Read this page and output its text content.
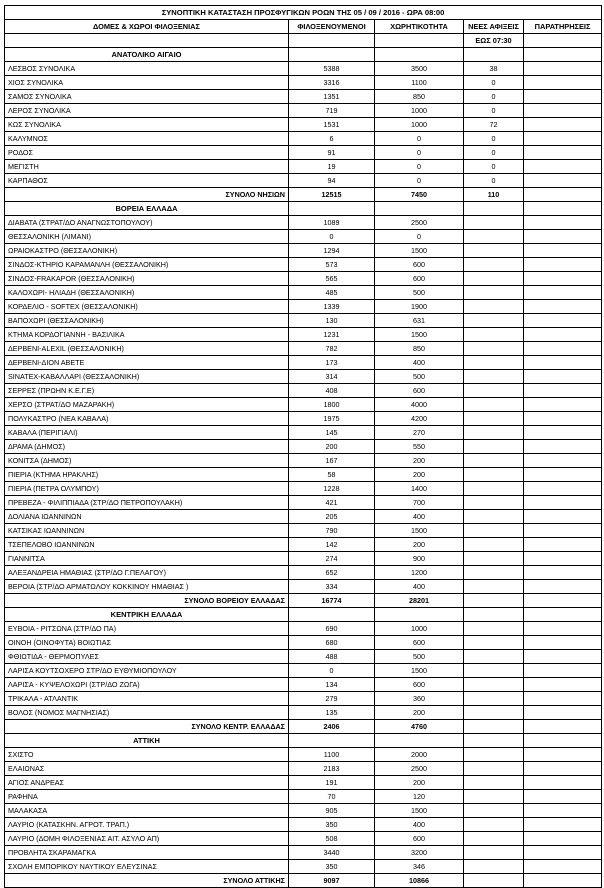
ΣΥΝΟΠΤΙΚΗ ΚΑΤΑΣΤΑΣΗ ΠΡΟΣΦΥΓΙΚΩΝ ΡΟΩΝ ΤΗΣ 05 / 09 / 2016 - ΩΡΑ 08:00				
ΔΟΜΕΣ & ΧΩΡΟΙ ΦΙΛΟΞΕΝΙΑΣ	ΦΙΛΟΞΕΝΟΥΜΕΝΟΙ	ΧΩΡΗΤΙΚΟΤΗΤΑ	ΝΕΕΣ ΑΦΙΞΕΙΣ	ΠΑΡΑΤΗΡΗΣΕΙΣ
			ΕΩΣ 07:30	
ΑΝΑΤΟΛΙΚΟ ΑΙΓΑΙΟ				
ΛΕΣΒΟΣ ΣΥΝΟΛΙΚΑ	5388	3500	38	
ΧΙΟΣ ΣΥΝΟΛΙΚΑ	3316	1100	0	
ΣΑΜΟΣ ΣΥΝΟΛΙΚΑ	1351	850	0	
ΛΕΡΟΣ ΣΥΝΟΛΙΚΑ	719	1000	0	
ΚΩΣ ΣΥΝΟΛΙΚΑ	1531	1000	72	
ΚΑΛΥΜΝΟΣ	6	0	0	
ΡΟΔΟΣ	91	0	0	
ΜΕΓΙΣΤΗ	19	0	0	
ΚΑΡΠΑΘΟΣ	94	0	0	
ΣΥΝΟΛΟ ΝΗΣΙΩΝ	12515	7450	110	
ΒΟΡΕΙΑ ΕΛΛΑΔΑ				
ΔΙΑΒΑΤΑ (ΣΤΡΑΤ/ΔΟ ΑΝΑΓΝΩΣΤΟΠΟΥΛΟΥ)	1089	2500		
ΘΕΣΣΑΛΟΝΙΚΗ (ΛΙΜΑΝΙ)	0	0		
ΩΡΑΙΟΚΑΣΤΡΟ (ΘΕΣΣΑΛΟΝΙΚΗ)	1294	1500		
ΣΙΝΔΟΣ-ΚΤΗΡΙΟ ΚΑΡΑΜΑΝΛΗ (ΘΕΣΣΑΛΟΝΙΚΗ)	573	600		
ΣΙΝΔΟΣ-FRAKAPOR (ΘΕΣΣΑΛΟΝΙΚΗ)	565	600		
ΚΑΛΟΧΩΡΙ- ΗΛΙΑΔΗ (ΘΕΣΣΑΛΟΝΙΚΗ)	485	500		
ΚΟΡΔΕΛΙΟ - SOFTEX (ΘΕΣΣΑΛΟΝΙΚΗ)	1339	1900		
ΒΑΠΟΧΩΡΙ (ΘΕΣΣΑΛΟΝΙΚΗ)	130	631		
ΚΤΗΜΑ ΚΟΡΔΟΓΙΑΝΝΗ - ΒΑΣΙΛΙΚΑ	1231	1500		
ΔΕΡΒΕΝΙ-ALEXIL (ΘΕΣΣΑΛΟΝΙΚΗ)	782	850		
ΔΕΡΒΕΝΙ-ΔΙΟΝ ΑΒΕΤΕ	173	400		
SINATEX-ΚΑΒΑΛΛΑΡΙ (ΘΕΣΣΑΛΟΝΙΚΗ)	314	500		
ΣΕΡΡΕΣ (ΠΡΩΗΝ Κ.Ε.Γ.Ε)	408	600		
ΧΕΡΣΟ (ΣΤΡΑΤ/ΔΟ ΜΑΖΑΡΑΚΗ)	1800	4000		
ΠΟΛΥΚΑΣΤΡΟ (ΝΕΑ ΚΑΒΑΛΑ)	1975	4200		
ΚΑΒΑΛΑ (ΠΕΡΙΓΙΑΛΙ)	145	270		
ΔΡΑΜΑ (ΔΗΜΟΣ)	200	550		
ΚΟΝΙΤΣΑ (ΔΗΜΟΣ)	167	200		
ΠΙΕΡΙΑ (ΚΤΗΜΑ ΗΡΑΚΛΗΣ)	58	200		
ΠΙΕΡΙΑ (ΠΕΤΡΑ ΟΛΥΜΠΟΥ)	1228	1400		
ΠΡΕΒΕΖΑ - ΦΙΛΙΠΠΙΑΔΑ (ΣΤΡ/ΔΟ ΠΕΤΡΟΠΟΥΛΑΚΗ)	421	700		
ΔΟΛΙΑΝΑ ΙΩΑΝΝΙΝΩΝ	205	400		
ΚΑΤΣΙΚΑΣ ΙΩΑΝΝΙΝΩΝ	790	1500		
ΤΣΕΠΕΛΟΒΟ ΙΩΑΝΝΙΝΩΝ	142	200		
ΓΙΑΝΝΙΤΣΑ	274	900		
ΑΛΕΞΑΝΔΡΕΙΑ ΗΜΑΘΙΑΣ (ΣΤΡ/ΔΟ Γ.ΠΕΛΑΓΟΥ)	652	1200		
ΒΕΡΟΙΑ (ΣΤΡ/ΔΟ ΑΡΜΑΤΩΛΟΥ ΚΟΚΚΙΝΟΥ ΗΜΑΘΙΑΣ )	334	400		
ΣΥΝΟΛΟ ΒΟΡΕΙΟΥ ΕΛΛΑΔΑΣ	16774	28201		
ΚΕΝΤΡΙΚΗ ΕΛΛΑΔΑ				
ΕΥΒΟΙΑ - ΡΙΤΣΩΝΑ (ΣΤΡ/ΔΟ ΠΑ)	690	1000		
ΟΙΝΟΗ (ΟΙΝΟΦΥΤΑ) ΒΟΙΩΤΙΑΣ	680	600		
ΦΘΙΩΤΙΔΑ - ΘΕΡΜΟΠΥΛΕΣ	488	500		
ΛΑΡΙΣΑ ΚΟΥΤΣΟΧΕΡΟ ΣΤΡ/ΔΟ ΕΥΘΥΜΙΟΠΟΥΛΟΥ	0	1500		
ΛΑΡΙΣΑ - ΚΥΨΕΛΟΧΩΡΙ (ΣΤΡ/ΔΟ ΖΩΓΑ)	134	600		
ΤΡΙΚΑΛΑ - ΑΤΛΑΝΤΙΚ	279	360		
ΒΟΛΟΣ (ΝΟΜΟΣ ΜΑΓΝΗΣΙΑΣ)	135	200		
ΣΥΝΟΛΟ ΚΕΝΤΡ. ΕΛΛΑΔΑΣ	2406	4760		
ΑΤΤΙΚΗ				
ΣΧΙΣΤΟ	1100	2000		
ΕΛΑΙΩΝΑΣ	2183	2500		
ΑΓΙΟΣ ΑΝΔΡΕΑΣ	191	200		
ΡΑΦΗΝΑ	70	120		
ΜΑΛΑΚΑΣΑ	905	1500		
ΛΑΥΡΙΟ (ΚΑΤΑΣΚΗΝ. ΑΓΡΟΤ. ΤΡΑΠ.)	350	400		
ΛΑΥΡΙΟ (ΔΟΜΗ ΦΙΛΟΞΕΝΙΑΣ ΑΙΤ. ΑΣΥΛΟ ΑΠ)	508	600		
ΠΡΟΒΛΗΤΑ ΣΚΑΡΑΜΑΓΚΑ	3440	3200		
ΣΧΟΛΗ ΕΜΠΟΡΙΚΟΥ ΝΑΥΤΙΚΟΥ ΕΛΕΥΣΙΝΑΣ	350	346		
ΣΥΝΟΛΟ ΑΤΤΙΚΗΣ	9097	10866		
